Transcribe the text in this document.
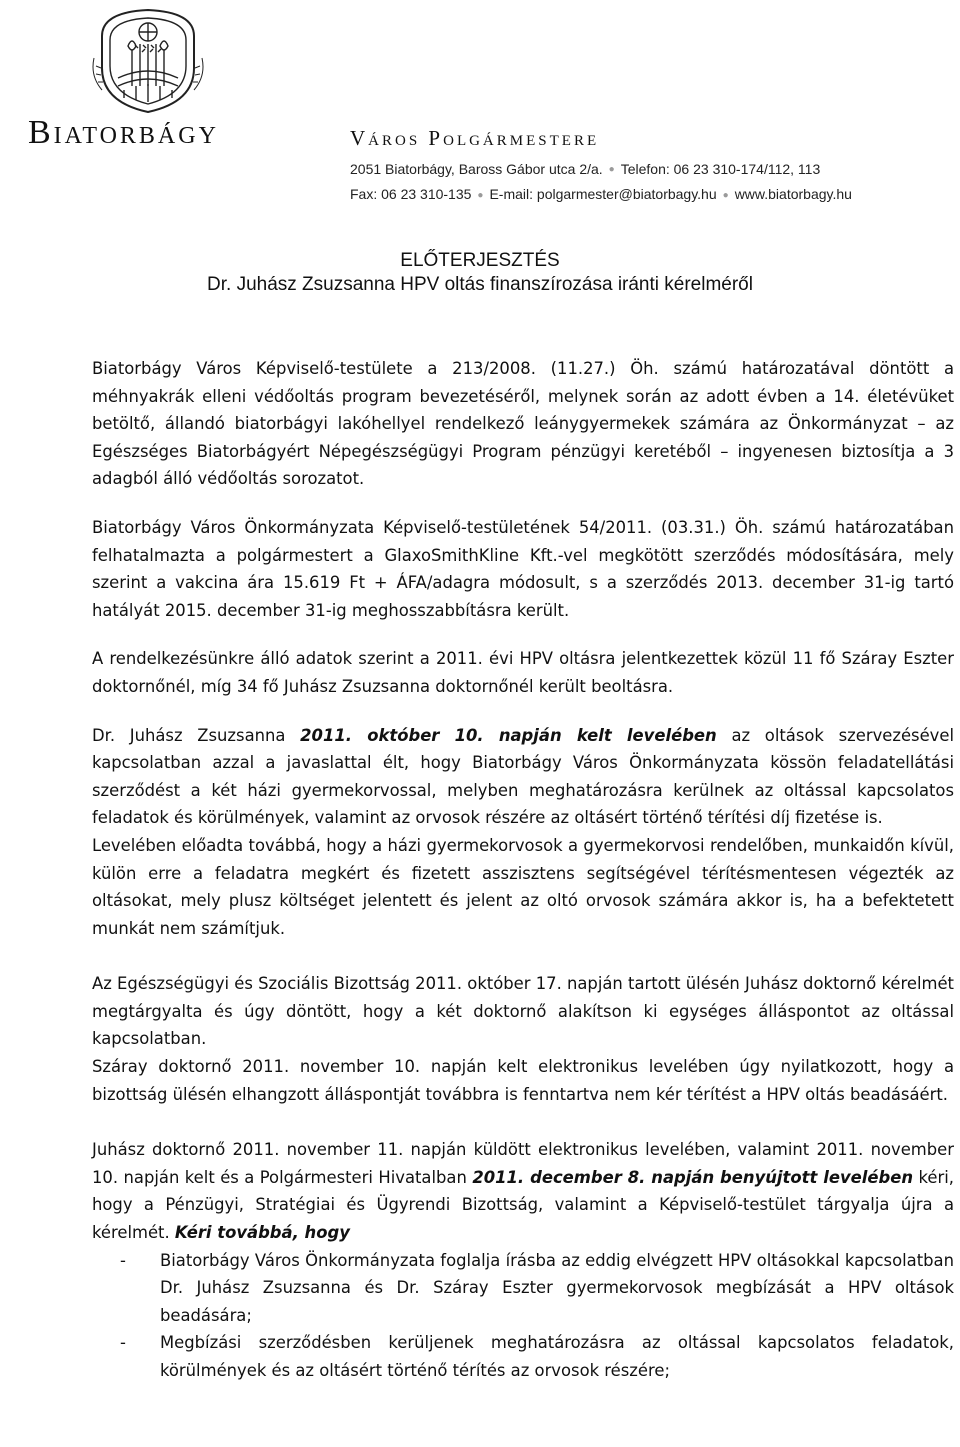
Biatorbágy	Város Polgármestere
2051 Biatorbágy, Baross Gábor utca 2/a. ● Telefon: 06 23 310-174/112, 113
Fax: 06 23 310-135 ● E-mail: polgarmester@biatorbagy.hu ● www.biatorbagy.hu
ELŐTERJESZTÉS
Dr. Juhász Zsuzsanna HPV oltás finanszírozása iránti kérelméről

Biatorbágy Város Képviselő-testülete a 213/2008. (11.27.) Öh. számú határozatával döntött a méhnyakrák elleni védőoltás program bevezetéséről, melynek során az adott évben a 14. életévüket betöltő, állandó biatorbágyi lakóhellyel rendelkező leánygyermekek számára az Önkormányzat – az Egészséges Biatorbágyért Népegészségügyi Program pénzügyi keretéből – ingyenesen biztosítja a 3 adagból álló védőoltás sorozatot.

Biatorbágy Város Önkormányzata Képviselő-testületének 54/2011. (03.31.) Öh. számú határozatában felhatalmazta a polgármestert a GlaxoSmithKline Kft.-vel megkötött szerződés módosítására, mely szerint a vakcina ára 15.619 Ft + ÁFA/adagra módosult, s a szerződés 2013. december 31-ig tartó hatályát 2015. december 31-ig meghosszabbításra került.

A rendelkezésünkre álló adatok szerint a 2011. évi HPV oltásra jelentkezettek közül 11 fő Száray Eszter doktornőnél, míg 34 fő Juhász Zsuzsanna doktornőnél került beoltásra.

Dr. Juhász Zsuzsanna 2011. október 10. napján kelt levelében az oltások szervezésével kapcsolatban azzal a javaslattal élt, hogy Biatorbágy Város Önkormányzata kössön feladatellátási szerződést a két házi gyermekorvossal, melyben meghatározásra kerülnek az oltással kapcsolatos feladatok és körülmények, valamint az orvosok részére az oltásért történő térítési díj fizetése is.

Levelében előadta továbbá, hogy a házi gyermekorvosok a gyermekorvosi rendelőben, munkaidőn kívül, külön erre a feladatra megkért és fizetett asszisztens segítségével térítésmentesen végezték az oltásokat, mely plusz költséget jelentett és jelent az oltó orvosok számára akkor is, ha a befektetett munkát nem számítjuk.

Az Egészségügyi és Szociális Bizottság 2011. október 17. napján tartott ülésén Juhász doktornő kérelmét megtárgyalta és úgy döntött, hogy a két doktornő alakítson ki egységes álláspontot az oltással kapcsolatban.

Száray doktornő 2011. november 10. napján kelt elektronikus levelében úgy nyilatkozott, hogy a bizottság ülésén elhangzott álláspontját továbbra is fenntartva nem kér térítést a HPV oltás beadásáért.

Juhász doktornő 2011. november 11. napján küldött elektronikus levelében, valamint 2011. november 10. napján kelt és a Polgármesteri Hivatalban 2011. december 8. napján benyújtott levelében kéri, hogy a Pénzügyi, Stratégiai és Ügyrendi Bizottság, valamint a Képviselő-testület tárgyalja újra a kérelmét. Kéri továbbá, hogy

- Biatorbágy Város Önkormányzata foglalja írásba az eddig elvégzett HPV oltásokkal kapcsolatban Dr. Juhász Zsuzsanna és Dr. Száray Eszter gyermekorvosok megbízását a HPV oltások beadására;
- Megbízási szerződésben kerüljenek meghatározásra az oltással kapcsolatos feladatok, körülmények és az oltásért történő térítés az orvosok részére;
